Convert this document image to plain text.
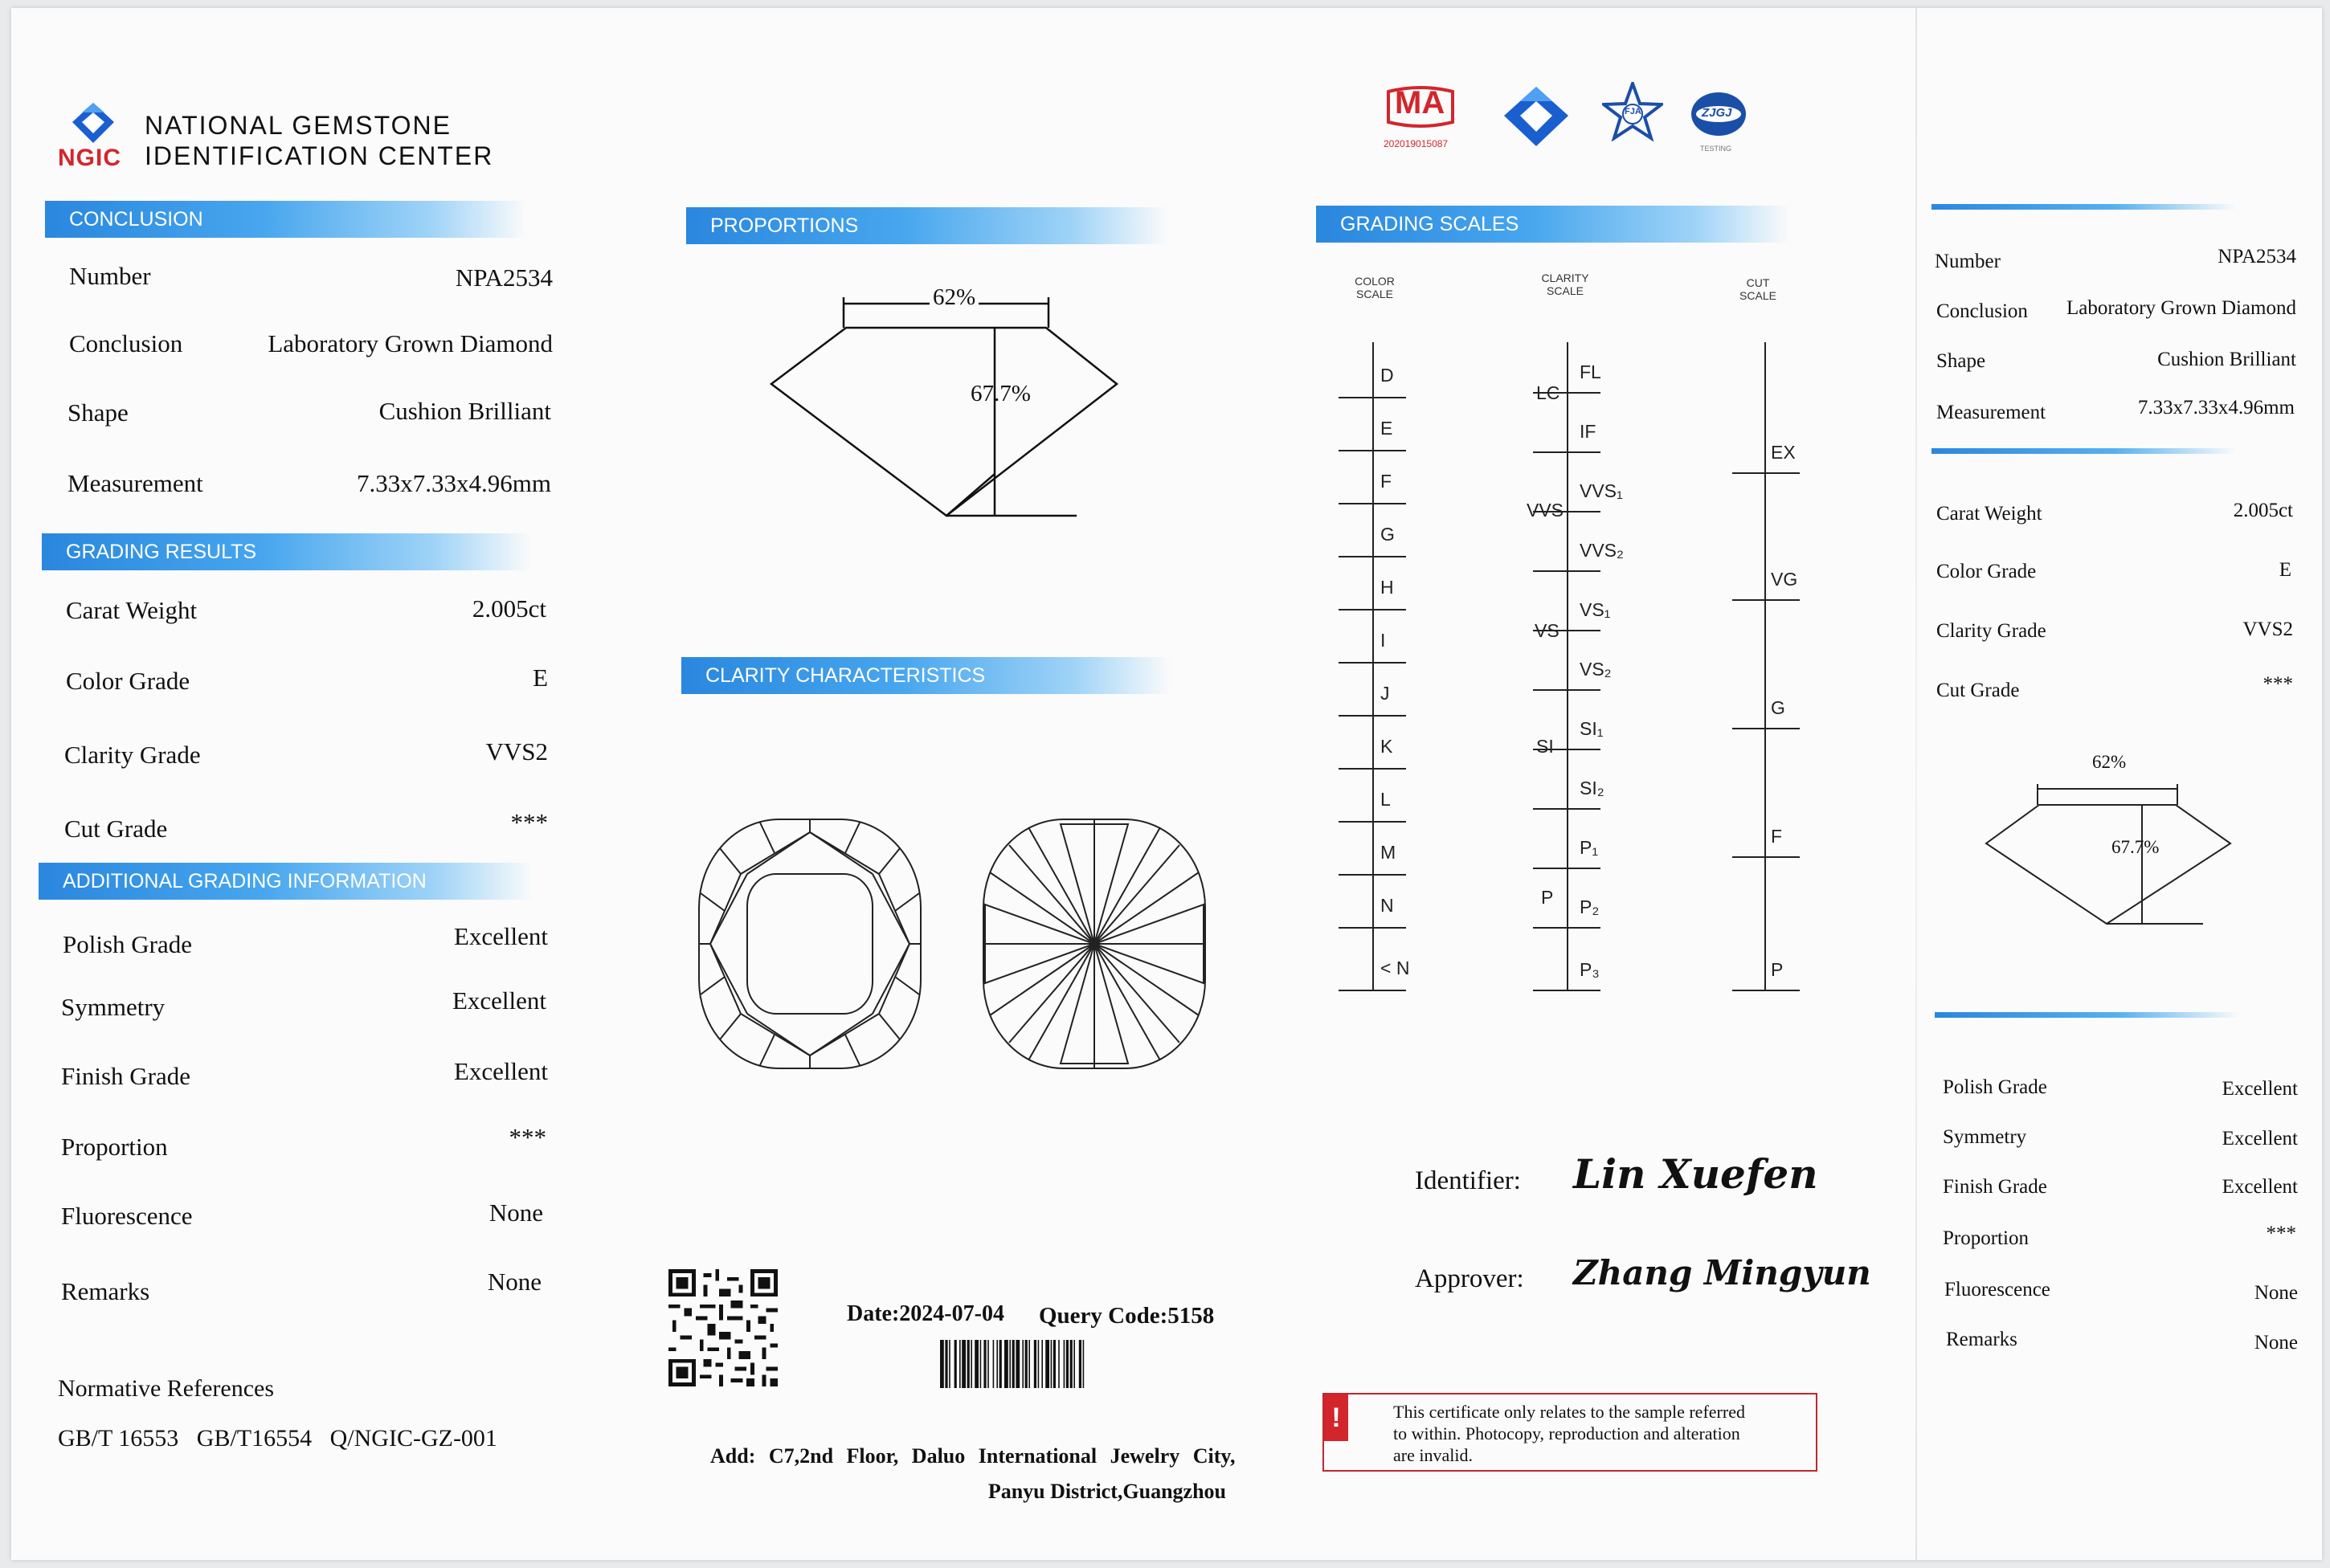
NGIC
NATIONAL GEMSTONE
IDENTIFICATION CENTER
CONCLUSION
Number	NPA2534
Conclusion	Laboratory Grown Diamond
Shape	Cushion Brilliant
Measurement	7.33x7.33x4.96mm
GRADING RESULTS
Carat Weight	2.005ct
Color Grade	E
Clarity Grade	VVS2
Cut Grade	***
ADDITIONAL GRADING INFORMATION
Polish Grade	Excellent
Symmetry	Excellent
Finish Grade	Excellent
Proportion	***
Fluorescence	None
Remarks	None
Normative References
GB/T 16553   GB/T16554   Q/NGIC-GZ-001
PROPORTIONS
62%
67.7%
CLARITY CHARACTERISTICS
Date:2024-07-04 Query Code:5158
Add: C7,2nd Floor, Daluo International Jewelry City,
Panyu District,Guangzhou
MA
202019015087
FJA	ZJGJ
TESTING
GRADING SCALES
COLOR
SCALE
CLARITY
SCALE
CUT
SCALE
D
E
F
G
H
I
J
K
L
M
N
< N
FL
IF
VVS₁
VVS₂
VS₁
VS₂
SI₁
SI₂
P₁
P₂
P₃
LC
VVS
VS
SI
P
EX
VG
G
F
P
Identifier: Lin Xuefen
Approver: Zhang Mingyun
!	This certificate only relates to the sample referred
to within. Photocopy, reproduction and alteration
are invalid.
Number	NPA2534
Conclusion Laboratory Grown Diamond
Shape	Cushion Brilliant
Measurement	7.33x7.33x4.96mm
Carat Weight	2.005ct
Color Grade	E
Clarity Grade	VVS2
Cut Grade	***
62%
67.7%
Polish Grade	Excellent
Symmetry	Excellent
Finish Grade	Excellent
Proportion	***
Fluorescence	None
Remarks	None
